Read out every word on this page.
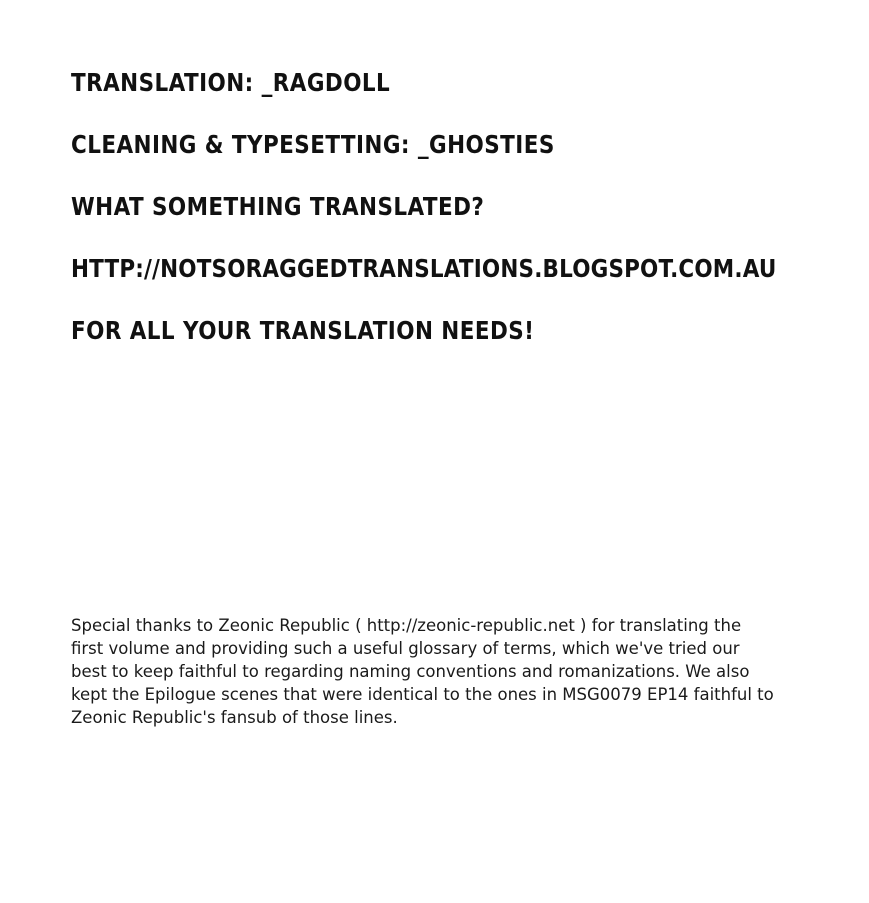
TRANSLATION: _RAGDOLL
CLEANING & TYPESETTING: _GHOSTIES
WHAT SOMETHING TRANSLATED?
HTTP://NOTSORAGGEDTRANSLATIONS.BLOGSPOT.COM.AU
FOR ALL YOUR TRANSLATION NEEDS!

Special thanks to Zeonic Republic ( http://zeonic-republic.net ) for translating the first volume and providing such a useful glossary of terms, which we've tried our best to keep faithful to regarding naming conventions and romanizations. We also kept the Epilogue scenes that were identical to the ones in MSG0079 EP14 faithful to Zeonic Republic's fansub of those lines.
